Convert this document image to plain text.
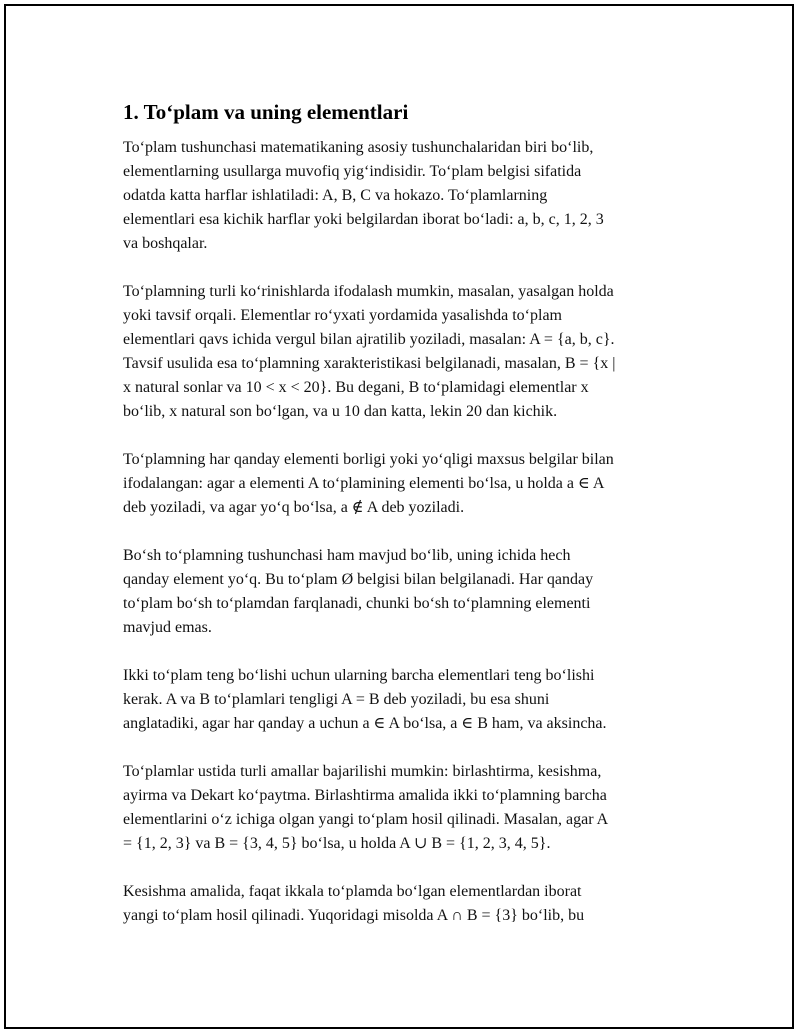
1. To‘plam va uning elementlari

To‘plam tushunchasi matematikaning asosiy tushunchalaridan biri bo‘lib,
elementlarning usullarga muvofiq yig‘indisidir. To‘plam belgisi sifatida
odatda katta harflar ishlatiladi: A, B, C va hokazo. To‘plamlarning
elementlari esa kichik harflar yoki belgilardan iborat bo‘ladi: a, b, c, 1, 2, 3
va boshqalar.

To‘plamning turli ko‘rinishlarda ifodalash mumkin, masalan, yasalgan holda
yoki tavsif orqali. Elementlar ro‘yxati yordamida yasalishda to‘plam
elementlari qavs ichida vergul bilan ajratilib yoziladi, masalan: A = {a, b, c}.
Tavsif usulida esa to‘plamning xarakteristikasi belgilanadi, masalan, B = {x |
x natural sonlar va 10 < x < 20}. Bu degani, B to‘plamidagi elementlar x
bo‘lib, x natural son bo‘lgan, va u 10 dan katta, lekin 20 dan kichik.

To‘plamning har qanday elementi borligi yoki yo‘qligi maxsus belgilar bilan
ifodalangan: agar a elementi A to‘plamining elementi bo‘lsa, u holda a ∈ A
deb yoziladi, va agar yo‘q bo‘lsa, a ∉ A deb yoziladi.

Bo‘sh to‘plamning tushunchasi ham mavjud bo‘lib, uning ichida hech
qanday element yo‘q. Bu to‘plam Ø belgisi bilan belgilanadi. Har qanday
to‘plam bo‘sh to‘plamdan farqlanadi, chunki bo‘sh to‘plamning elementi
mavjud emas.

Ikki to‘plam teng bo‘lishi uchun ularning barcha elementlari teng bo‘lishi
kerak. A va B to‘plamlari tengligi A = B deb yoziladi, bu esa shuni
anglatadiki, agar har qanday a uchun a ∈ A bo‘lsa, a ∈ B ham, va aksincha.

To‘plamlar ustida turli amallar bajarilishi mumkin: birlashtirma, kesishma,
ayirma va Dekart ko‘paytma. Birlashtirma amalida ikki to‘plamning barcha
elementlarini o‘z ichiga olgan yangi to‘plam hosil qilinadi. Masalan, agar A
= {1, 2, 3} va B = {3, 4, 5} bo‘lsa, u holda A ∪ B = {1, 2, 3, 4, 5}.

Kesishma amalida, faqat ikkala to‘plamda bo‘lgan elementlardan iborat
yangi to‘plam hosil qilinadi. Yuqoridagi misolda A ∩ B = {3} bo‘lib, bu
